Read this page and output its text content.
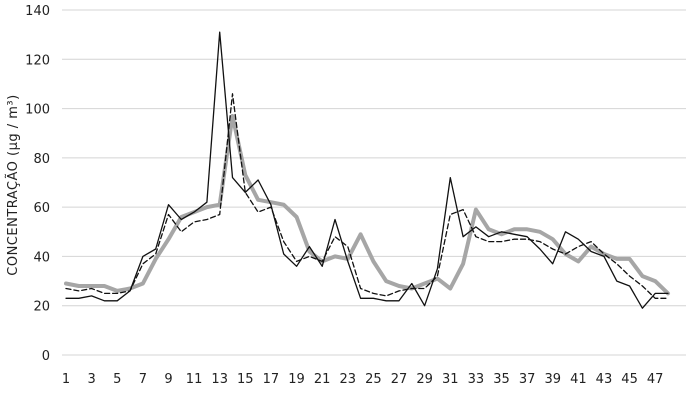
0
20
40
60
80
100
120
140
1 3 5 7 9 11 13 15 17 19 21 23 25 27 29 31 33 35 37 39 41 43 45 47
CONCENTRAÇÃO (µg / m³)
